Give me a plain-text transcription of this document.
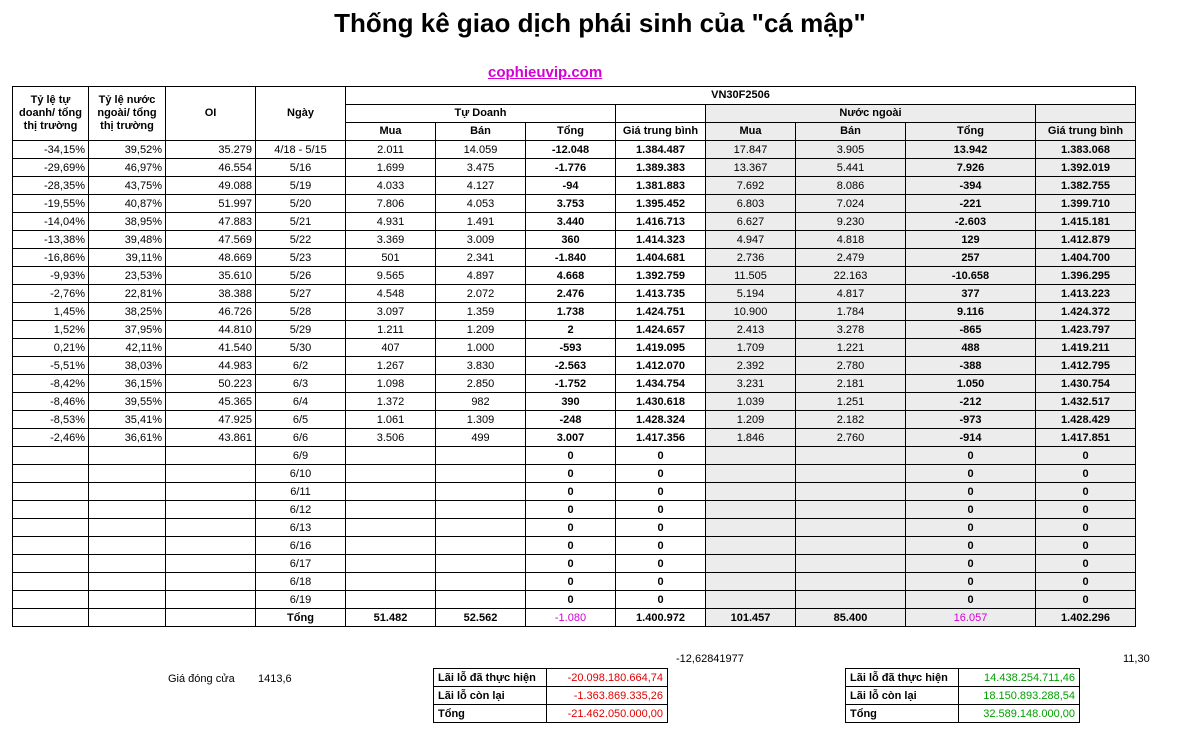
Thống kê giao dịch phái sinh của "cá mập"
cophieuvip.com
Tỷ lệ tự doanh/ tổng thị trường	Tỷ lệ nước ngoài/ tổng thị trường	OI	Ngày	VN30F2506							
				Tự Doanh				Nước ngoài			
				Mua	Bán	Tổng	Giá trung bình	Mua	Bán	Tổng	Giá trung bình
-34,15%	39,52%	35.279	4/18 - 5/15	2.011	14.059	-12.048	1.384.487	17.847	3.905	13.942	1.383.068
-29,69%	46,97%	46.554	5/16	1.699	3.475	-1.776	1.389.383	13.367	5.441	7.926	1.392.019
-28,35%	43,75%	49.088	5/19	4.033	4.127	-94	1.381.883	7.692	8.086	-394	1.382.755
-19,55%	40,87%	51.997	5/20	7.806	4.053	3.753	1.395.452	6.803	7.024	-221	1.399.710
-14,04%	38,95%	47.883	5/21	4.931	1.491	3.440	1.416.713	6.627	9.230	-2.603	1.415.181
-13,38%	39,48%	47.569	5/22	3.369	3.009	360	1.414.323	4.947	4.818	129	1.412.879
-16,86%	39,11%	48.669	5/23	501	2.341	-1.840	1.404.681	2.736	2.479	257	1.404.700
-9,93%	23,53%	35.610	5/26	9.565	4.897	4.668	1.392.759	11.505	22.163	-10.658	1.396.295
-2,76%	22,81%	38.388	5/27	4.548	2.072	2.476	1.413.735	5.194	4.817	377	1.413.223
1,45%	38,25%	46.726	5/28	3.097	1.359	1.738	1.424.751	10.900	1.784	9.116	1.424.372
1,52%	37,95%	44.810	5/29	1.211	1.209	2	1.424.657	2.413	3.278	-865	1.423.797
0,21%	42,11%	41.540	5/30	407	1.000	-593	1.419.095	1.709	1.221	488	1.419.211
-5,51%	38,03%	44.983	6/2	1.267	3.830	-2.563	1.412.070	2.392	2.780	-388	1.412.795
-8,42%	36,15%	50.223	6/3	1.098	2.850	-1.752	1.434.754	3.231	2.181	1.050	1.430.754
-8,46%	39,55%	45.365	6/4	1.372	982	390	1.430.618	1.039	1.251	-212	1.432.517
-8,53%	35,41%	47.925	6/5	1.061	1.309	-248	1.428.324	1.209	2.182	-973	1.428.429
-2,46%	36,61%	43.861	6/6	3.506	499	3.007	1.417.356	1.846	2.760	-914	1.417.851
			6/9			0	0			0	0
			6/10			0	0			0	0
			6/11			0	0			0	0
			6/12			0	0			0	0
			6/13			0	0			0	0
			6/16			0	0			0	0
			6/17			0	0			0	0
			6/18			0	0			0	0
			6/19			0	0			0	0
			Tổng	51.482	52.562	-1.080	1.400.972	101.457	85.400	16.057	1.402.296
-12,62841977	11,30
Giá đóng cửa 1413,6	Lãi lỗ đã thực hiện	-20.098.180.664,74
Lãi lỗ còn lại	-1.363.869.335,26
Tổng	-21.462.050.000,00
Lãi lỗ đã thực hiện	14.438.254.711,46
Lãi lỗ còn lại	18.150.893.288,54
Tổng	32.589.148.000,00
